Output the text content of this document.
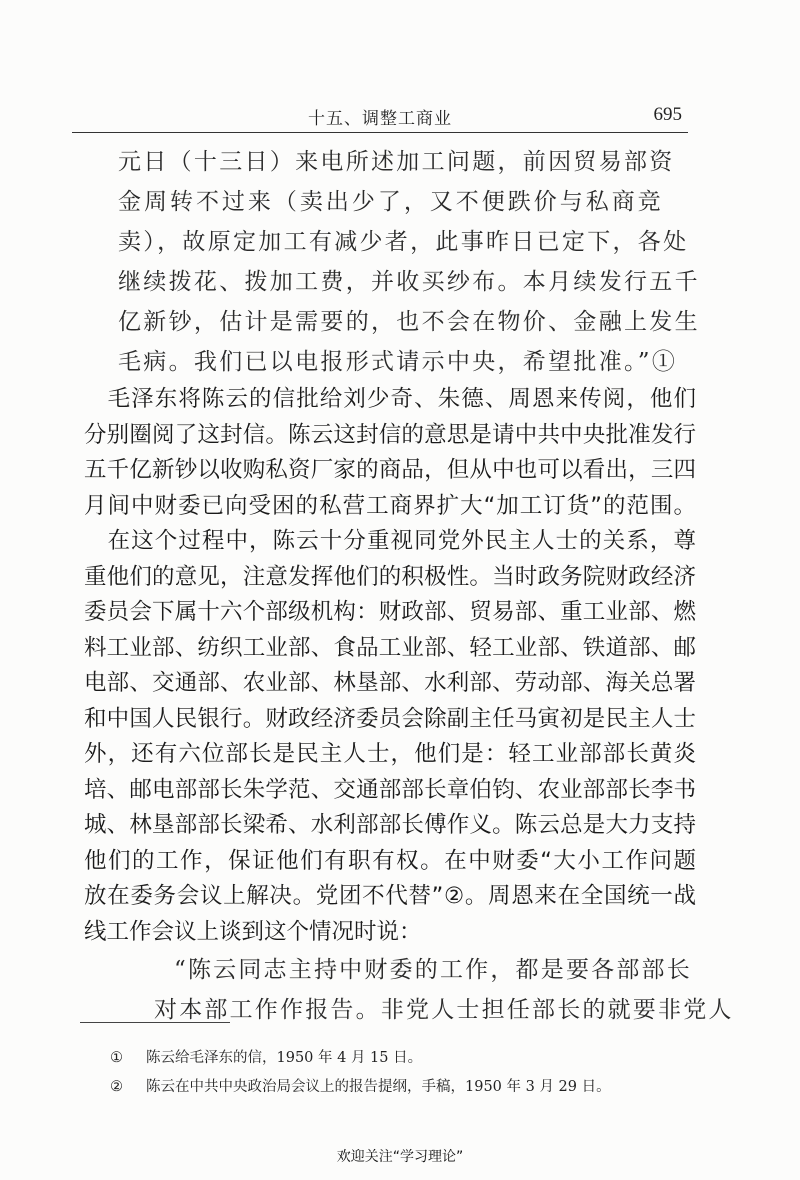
十五、调整工商业	695
元日（十三日）来电所述加工问题，前因贸易部资
金周转不过来（卖出少了，又不便跌价与私商竞
卖），故原定加工有减少者，此事昨日已定下，各处
继续拨花、拨加工费，并收买纱布。本月续发行五千
亿新钞，估计是需要的，也不会在物价、金融上发生
毛病。我们已以电报形式请示中央，希望批准。”①
　毛泽东将陈云的信批给刘少奇、朱德、周恩来传阅，他们
分别圈阅了这封信。陈云这封信的意思是请中共中央批准发行
五千亿新钞以收购私资厂家的商品，但从中也可以看出，三四
月间中财委已向受困的私营工商界扩大“加工订货”的范围。
　在这个过程中，陈云十分重视同党外民主人士的关系，尊
重他们的意见，注意发挥他们的积极性。当时政务院财政经济
委员会下属十六个部级机构：财政部、贸易部、重工业部、燃
料工业部、纺织工业部、食品工业部、轻工业部、铁道部、邮
电部、交通部、农业部、林垦部、水利部、劳动部、海关总署
和中国人民银行。财政经济委员会除副主任马寅初是民主人士
外，还有六位部长是民主人士，他们是：轻工业部部长黄炎
培、邮电部部长朱学范、交通部部长章伯钧、农业部部长李书
城、林垦部部长梁希、水利部部长傅作义。陈云总是大力支持
他们的工作，保证他们有职有权。在中财委“大小工作问题
放在委务会议上解决。党团不代替”②。周恩来在全国统一战
线工作会议上谈到这个情况时说：
“陈云同志主持中财委的工作，都是要各部部长
对本部工作作报告。非党人士担任部长的就要非党人
① 陈云给毛泽东的信，1950 年 4 月 15 日。
② 陈云在中共中央政治局会议上的报告提纲，手稿，1950 年 3 月 29 日。
欢迎关注“学习理论”
